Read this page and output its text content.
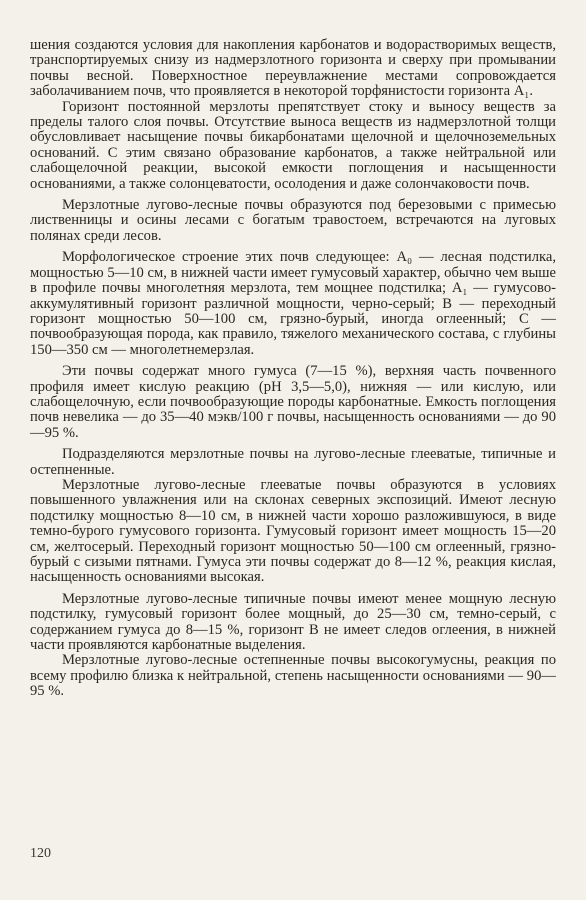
шения создаются условия для накопления карбонатов и водорастворимых веществ, транспортируемых снизу из надмерзлотного горизонта и сверху при промывании почвы весной. Поверхностное переувлажнение местами сопровождается заболачиванием почв, что проявляется в некоторой торфянистости горизонта A₁.

Горизонт постоянной мерзлоты препятствует стоку и выносу веществ за пределы талого слоя почвы. Отсутствие выноса веществ из надмерзлотной толщи обусловливает насыщение почвы бикарбонатами щелочной и щелочноземельных оснований. С этим связано образование карбонатов, а также нейтральной или слабощелочной реакции, высокой емкости поглощения и насыщенности основаниями, а также солонцеватости, осолодения и даже солончаковости почв.

Мерзлотные лугово-лесные почвы образуются под березовыми с примесью лиственницы и осины лесами с богатым травостоем, встречаются на луговых полянах среди лесов.

Морфологическое строение этих почв следующее: A₀ — лесная подстилка, мощностью 5—10 см, в нижней части имеет гумусовый характер, обычно чем выше в профиле почвы многолетняя мерзлота, тем мощнее подстилка; A₁ — гумусово-аккумулятивный горизонт различной мощности, черно-серый; B — переходный горизонт мощностью 50—100 см, грязно-бурый, иногда оглеенный; C — почвообразующая порода, как правило, тяжелого механического состава, с глубины 150—350 см — многолетнемерзлая.

Эти почвы содержат много гумуса (7—15 %), верхняя часть почвенного профиля имеет кислую реакцию (pH 3,5—5,0), нижняя — или кислую, или слабощелочную, если почвообразующие породы карбонатные. Емкость поглощения почв невелика — до 35—40 мэкв/100 г почвы, насыщенность основаниями — до 90—95 %.

Подразделяются мерзлотные почвы на лугово-лесные глееватые, типичные и остепненные.

Мерзлотные лугово-лесные глееватые почвы образуются в условиях повышенного увлажнения или на склонах северных экспозиций. Имеют лесную подстилку мощностью 8—10 см, в нижней части хорошо разложившуюся, в виде темно-бурого гумусового горизонта. Гумусовый горизонт имеет мощность 15—20 см, желтосерый. Переходный горизонт мощностью 50—100 см оглеенный, грязно-бурый с сизыми пятнами. Гумуса эти почвы содержат до 8—12 %, реакция кислая, насыщенность основаниями высокая.

Мерзлотные лугово-лесные типичные почвы имеют менее мощную лесную подстилку, гумусовый горизонт более мощный, до 25—30 см, темно-серый, с содержанием гумуса до 8—15 %, горизонт B не имеет следов оглеения, в нижней части проявляются карбонатные выделения.

Мерзлотные лугово-лесные остепненные почвы высокогумусны, реакция по всему профилю близка к нейтральной, степень насыщенности основаниями — 90—95 %.

120
